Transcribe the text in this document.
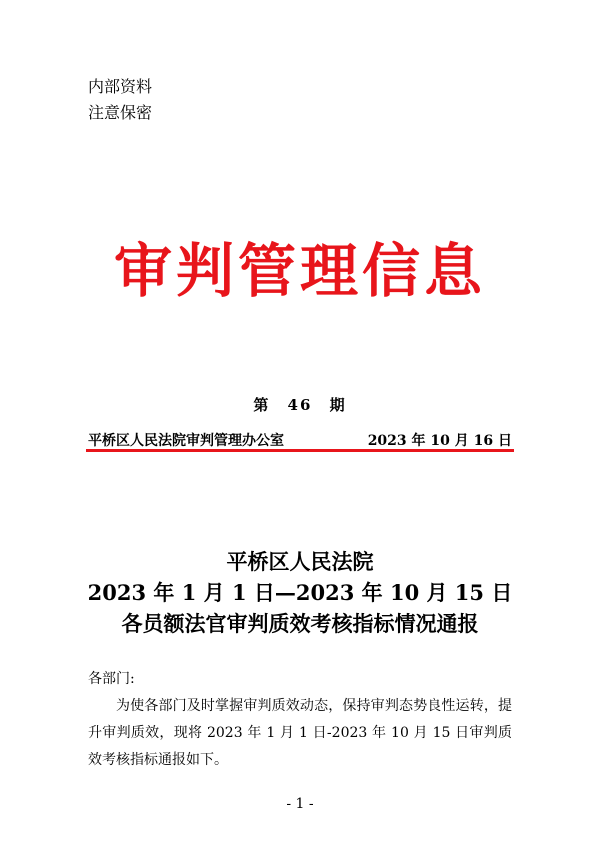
内部资料
注意保密
审判管理信息
第 46 期
平桥区人民法院审判管理办公室	2023 年 10 月 16 日
平桥区人民法院
2023 年 1 月 1 日—2023 年 10 月 15 日
各员额法官审判质效考核指标情况通报

各部门:

为使各部门及时掌握审判质效动态，保持审判态势良性运转，提升审判质效，现将 2023 年 1 月 1 日-2023 年 10 月 15 日审判质效考核指标通报如下。

- 1 -
